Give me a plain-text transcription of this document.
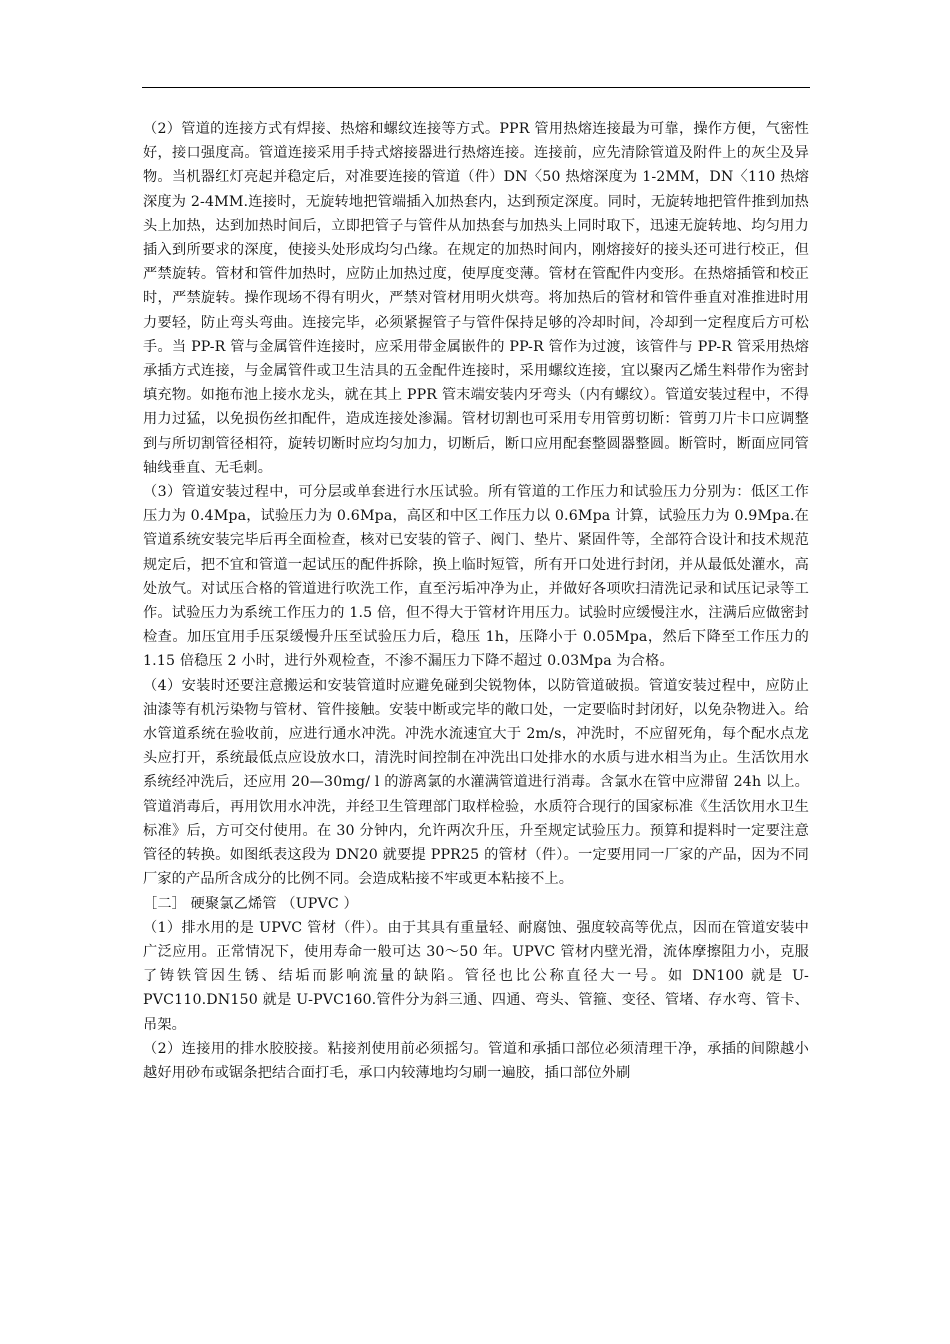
（2）管道的连接方式有焊接、热熔和螺纹连接等方式。PPR 管用热熔连接最为可靠，操作方便，气密性好，接口强度高。管道连接采用手持式熔接器进行热熔连接。连接前，应先清除管道及附件上的灰尘及异物。当机器红灯亮起并稳定后，对准要连接的管道（件）DN〈50 热熔深度为 1-2MM，DN〈110 热熔深度为 2-4MM.连接时，无旋转地把管端插入加热套内，达到预定深度。同时，无旋转地把管件推到加热头上加热，达到加热时间后，立即把管子与管件从加热套与加热头上同时取下，迅速无旋转地、均匀用力插入到所要求的深度，使接头处形成均匀凸缘。在规定的加热时间内，刚熔接好的接头还可进行校正，但严禁旋转。管材和管件加热时，应防止加热过度，使厚度变薄。管材在管配件内变形。在热熔插管和校正时，严禁旋转。操作现场不得有明火，严禁对管材用明火烘弯。将加热后的管材和管件垂直对准推进时用力要轻，防止弯头弯曲。连接完毕，必须紧握管子与管件保持足够的冷却时间，冷却到一定程度后方可松手。当 PP-R 管与金属管件连接时，应采用带金属嵌件的 PP-R 管作为过渡，该管件与 PP-R 管采用热熔承插方式连接，与金属管件或卫生洁具的五金配件连接时，采用螺纹连接，宜以聚丙乙烯生料带作为密封填充物。如拖布池上接水龙头，就在其上 PPR 管末端安装内牙弯头（内有螺纹）。管道安装过程中，不得用力过猛，以免损伤丝扣配件，造成连接处渗漏。管材切割也可采用专用管剪切断：管剪刀片卡口应调整到与所切割管径相符，旋转切断时应均匀加力，切断后，断口应用配套整圆器整圆。断管时，断面应同管轴线垂直、无毛刺。

（3）管道安装过程中，可分层或单套进行水压试验。所有管道的工作压力和试验压力分别为：低区工作压力为 0.4Mpa，试验压力为 0.6Mpa，高区和中区工作压力以 0.6Mpa 计算，试验压力为 0.9Mpa.在管道系统安装完毕后再全面检查，核对已安装的管子、阀门、垫片、紧固件等，全部符合设计和技术规范规定后，把不宜和管道一起试压的配件拆除，换上临时短管，所有开口处进行封闭，并从最低处灌水，高处放气。对试压合格的管道进行吹洗工作，直至污垢冲净为止，并做好各项吹扫清洗记录和试压记录等工作。试验压力为系统工作压力的 1.5 倍，但不得大于管材许用压力。试验时应缓慢注水，注满后应做密封检查。加压宜用手压泵缓慢升压至试验压力后，稳压 1h，压降小于 0.05Mpa，然后下降至工作压力的 1.15 倍稳压 2 小时，进行外观检查，不渗不漏压力下降不超过 0.03Mpa 为合格。

（4）安装时还要注意搬运和安装管道时应避免碰到尖锐物体，以防管道破损。管道安装过程中，应防止油漆等有机污染物与管材、管件接触。安装中断或完毕的敞口处，一定要临时封闭好，以免杂物进入。给水管道系统在验收前，应进行通水冲洗。冲洗水流速宜大于 2m/s，冲洗时，不应留死角，每个配水点龙头应打开，系统最低点应设放水口，清洗时间控制在冲洗出口处排水的水质与进水相当为止。生活饮用水系统经冲洗后，还应用 20—30mg/ l 的游离氯的水灌满管道进行消毒。含氯水在管中应滞留 24h 以上。管道消毒后，再用饮用水冲洗，并经卫生管理部门取样检验，水质符合现行的国家标准《生活饮用水卫生标准》后，方可交付使用。在 30 分钟内，允许两次升压，升至规定试验压力。预算和提料时一定要注意管径的转换。如图纸表这段为 DN20 就要提 PPR25 的管材（件）。一定要用同一厂家的产品，因为不同厂家的产品所含成分的比例不同。会造成粘接不牢或更本粘接不上。

［二］ 硬聚氯乙烯管 （UPVC ）

（1）排水用的是 UPVC 管材（件）。由于其具有重量轻、耐腐蚀、强度较高等优点，因而在管道安装中广泛应用。正常情况下，使用寿命一般可达 30～50 年。UPVC 管材内壁光滑，流体摩擦阻力小，克服了铸铁管因生锈、结垢而影响流量的缺陷。管径也比公称直径大一号。如 DN100 就是 U-PVC110.DN150 就是 U-PVC160.管件分为斜三通、四通、弯头、管箍、变径、管堵、存水弯、管卡、吊架。

（2）连接用的排水胶胶接。粘接剂使用前必须摇匀。管道和承插口部位必须清理干净，承插的间隙越小越好用砂布或锯条把结合面打毛，承口内较薄地均匀刷一遍胶，插口部位外刷
